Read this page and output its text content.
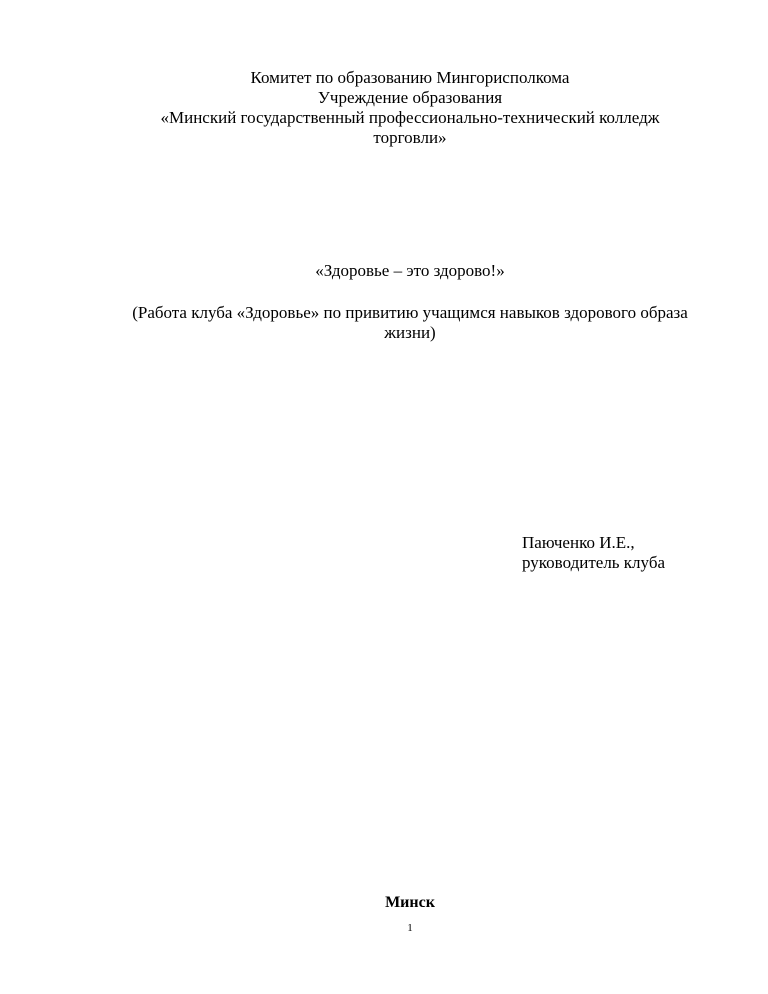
Комитет по образованию Мингорисполкома
Учреждение образования
«Минский государственный профессионально-технический колледж
торговли»
«Здоровье – это здорово!»
(Работа клуба «Здоровье» по привитию учащимся навыков здорового образа
жизни)
Паюченко И.Е.,
руководитель клуба
Минск
1
